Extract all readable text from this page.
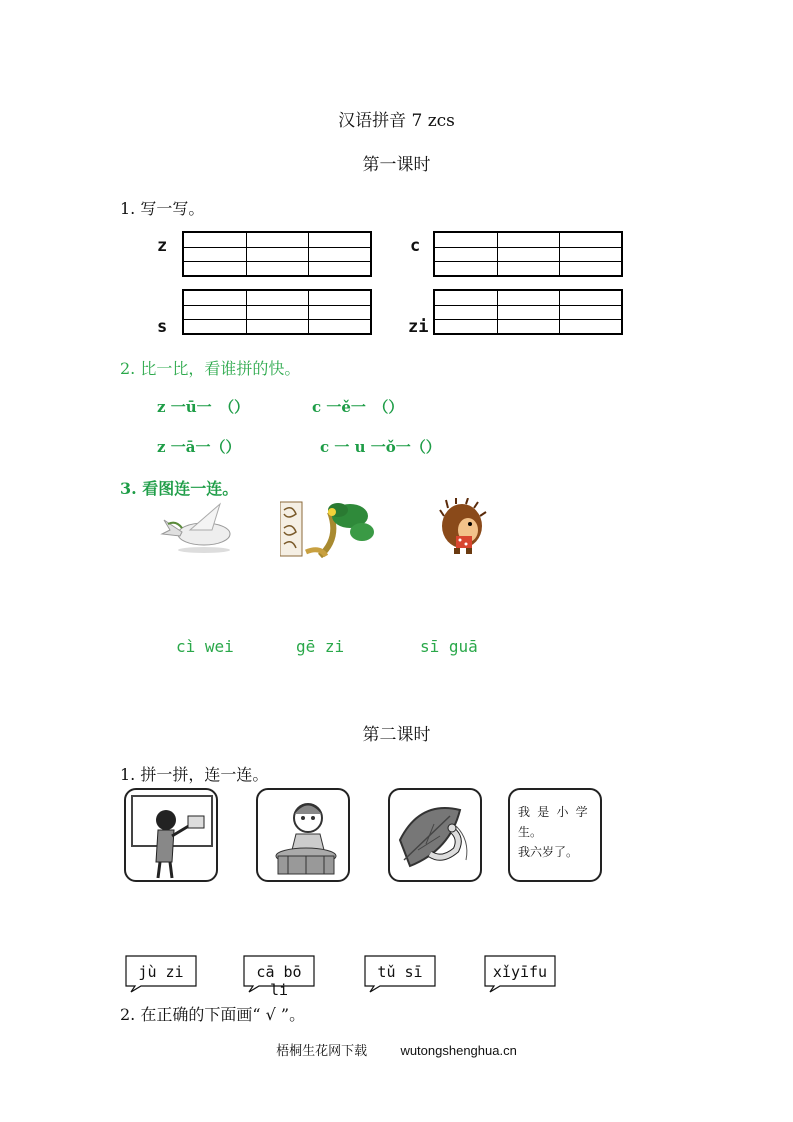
汉语拼音 7 zcs
第一课时
1. 写一写。
z	c
s	zi
2. 比一比，看谁拼的快。
z 一ū一　（）	c 一ě一　（）
z 一ā一（）	c 一 u 一ǒ一（）
3. 看图连一连。
cì wei	gē zi	sī guā
第二课时
1. 拼一拼，连一连。
我 是 小 学
生。
我六岁了。
jù zi	cā bō li
tǔ sī	xǐyīfu
2. 在正确的下面画“ √ ”。
梧桐生花网下载	wutongshenghua.cn
